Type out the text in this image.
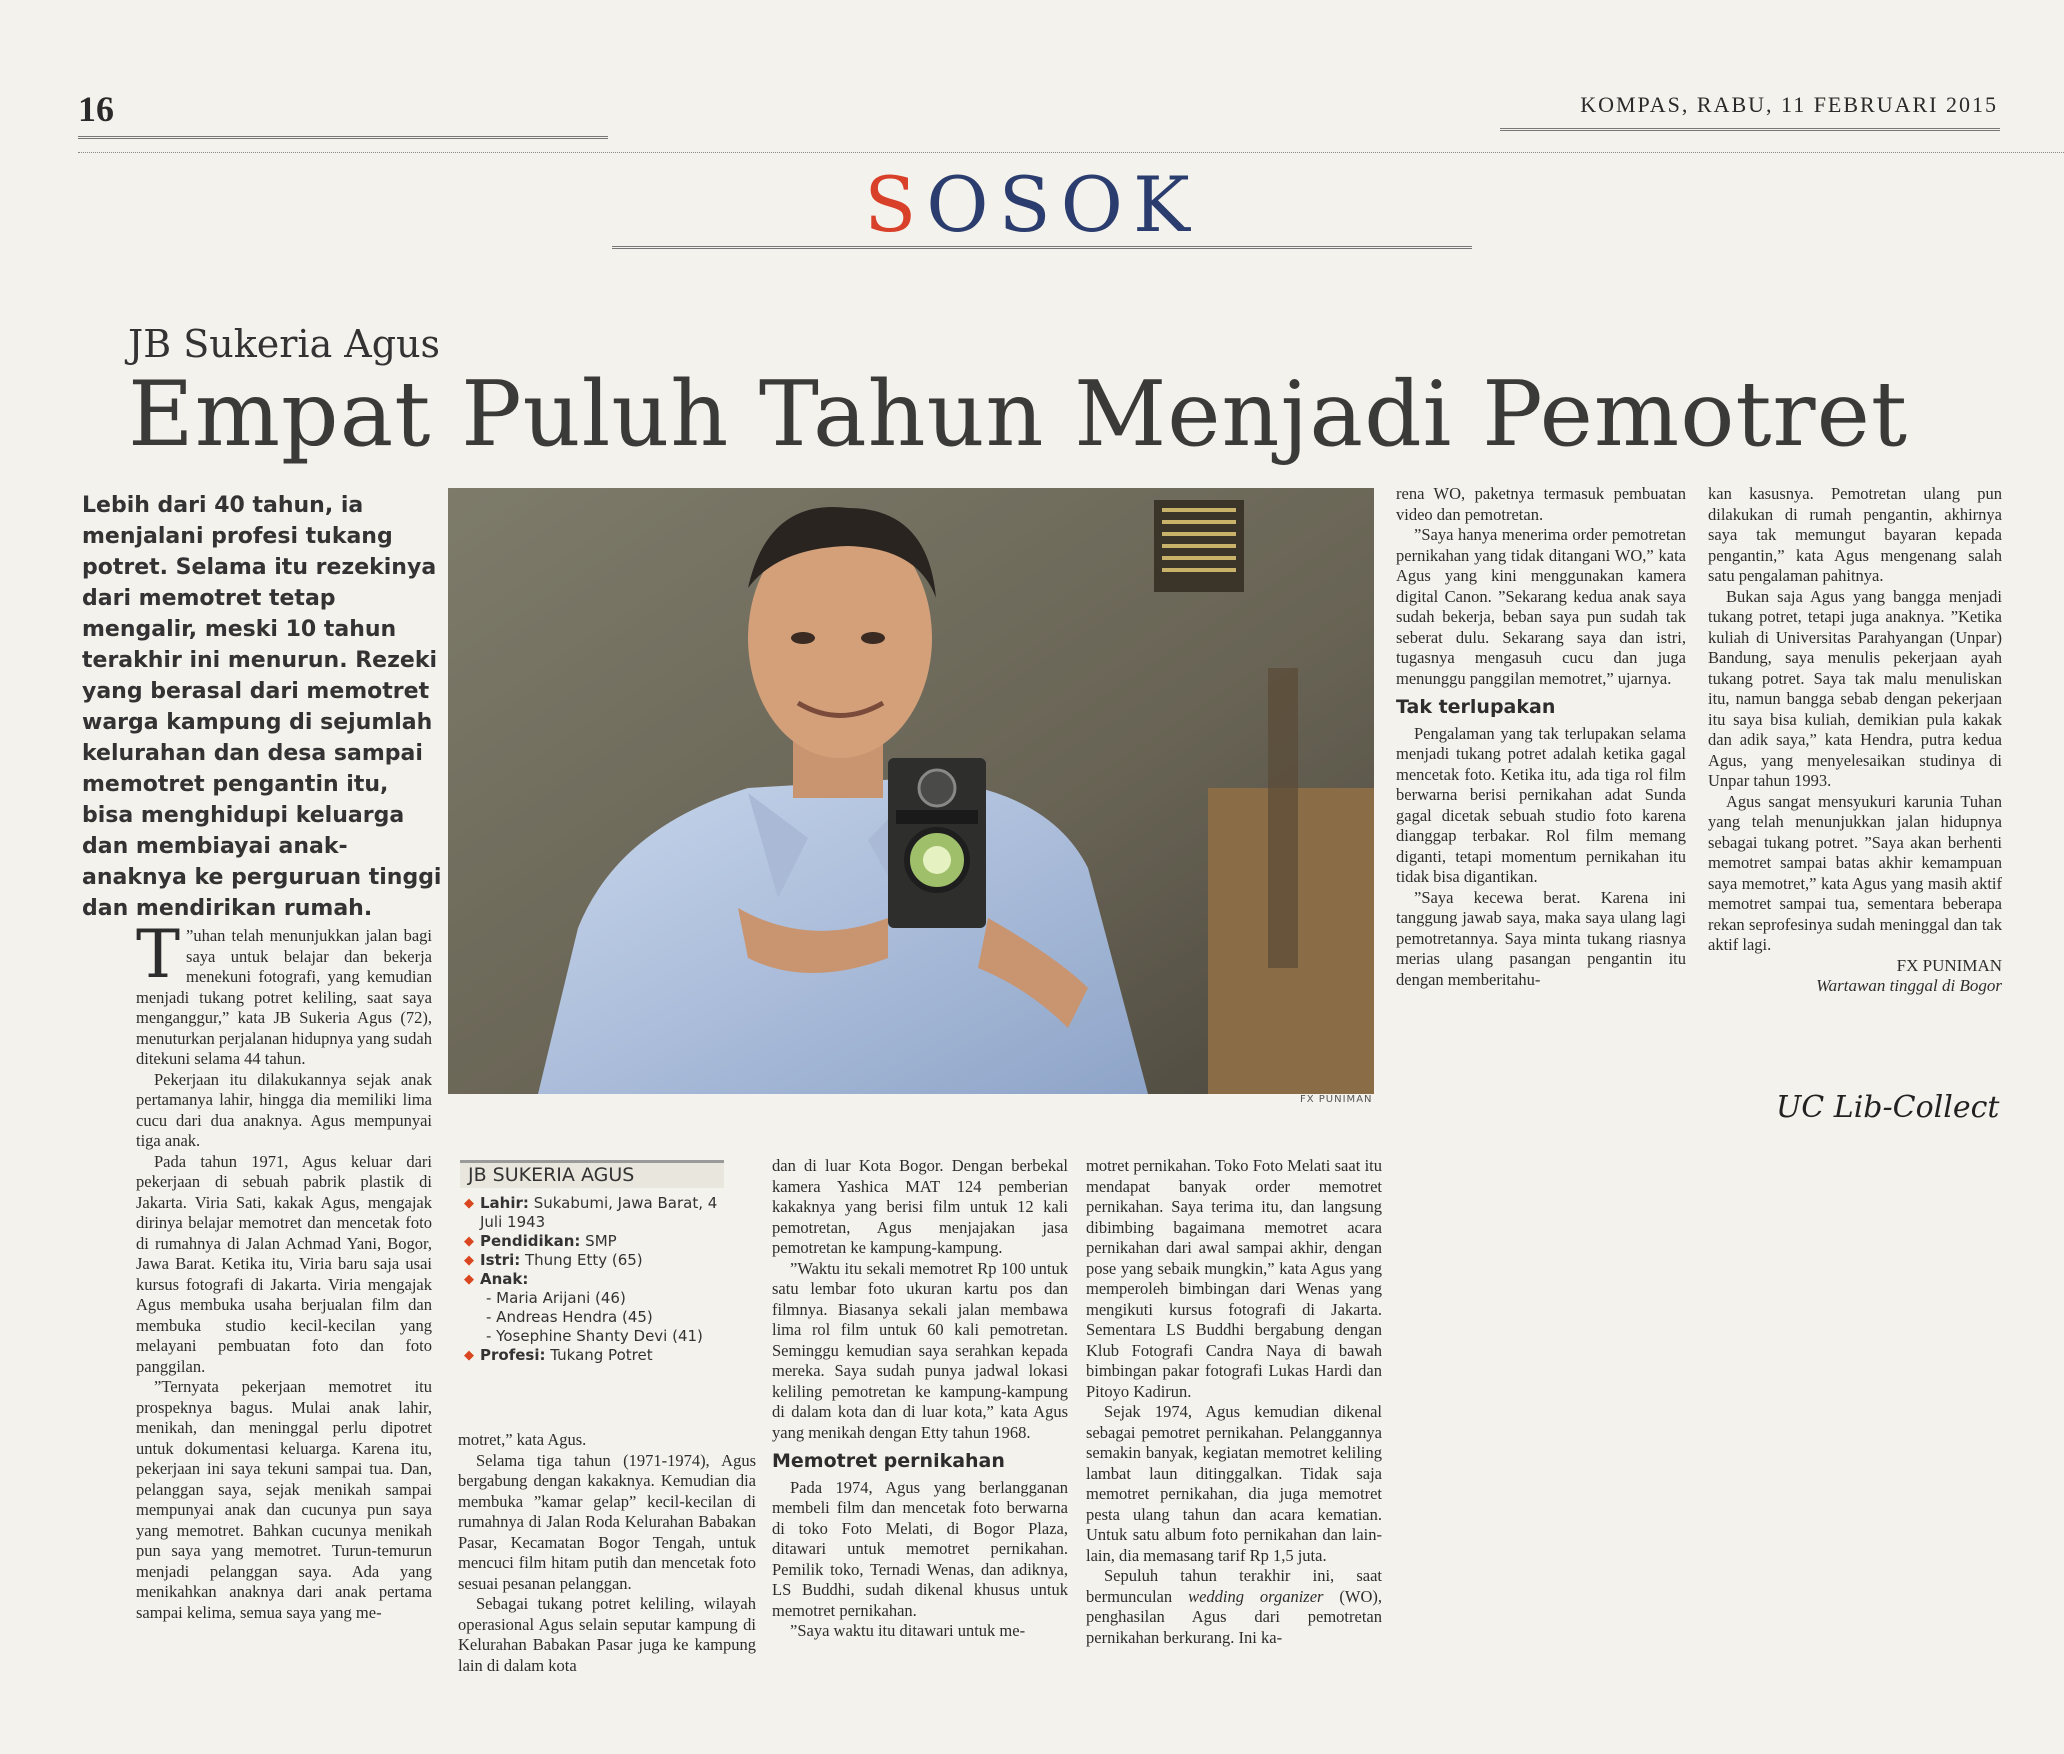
16	KOMPAS, RABU, 11 FEBRUARI 2015
SOSOK
JB Sukeria Agus
Empat Puluh Tahun Menjadi Pemotret
Lebih dari 40 tahun, ia menjalani profesi tukang potret. Selama itu rezekinya dari memotret tetap mengalir, meski 10 tahun terakhir ini menurun. Rezeki yang berasal dari memotret warga kampung di sejumlah kelurahan dan desa sampai memotret pengantin itu, bisa menghidupi keluarga dan membiayai anak-anaknya ke perguruan tinggi dan mendirikan rumah.
FX PUNIMAN

”
T uhan telah menunjukkan jalan bagi saya untuk belajar dan bekerja menekuni fotografi, yang kemudian menjadi tukang potret keliling, saat saya menganggur,” kata JB Sukeria Agus (72), menuturkan perjalanan hidupnya yang sudah ditekuni selama 44 tahun.

Pekerjaan itu dilakukannya sejak anak pertamanya lahir, hingga dia memiliki lima cucu dari dua anaknya. Agus mempunyai tiga anak.

Pada tahun 1971, Agus keluar dari pekerjaan di sebuah pabrik plastik di Jakarta. Viria Sati, kakak Agus, mengajak dirinya belajar memotret dan mencetak foto di rumahnya di Jalan Achmad Yani, Bogor, Jawa Barat. Ketika itu, Viria baru saja usai kursus fotografi di Jakarta. Viria mengajak Agus membuka usaha berjualan film dan membuka studio kecil-kecilan yang melayani pembuatan foto dan foto panggilan.

”Ternyata pekerjaan memotret itu prospeknya bagus. Mulai anak lahir, menikah, dan meninggal perlu dipotret untuk dokumentasi keluarga. Karena itu, pekerjaan ini saya tekuni sampai tua. Dan, pelanggan saya, sejak menikah sampai mempunyai anak dan cucunya pun saya yang memotret. Bahkan cucunya menikah pun saya yang memotret. Turun-temurun menjadi pelanggan saya. Ada yang menikahkan anaknya dari anak pertama sampai kelima, semua saya yang me-

JB SUKERIA AGUS
◆ Lahir: Sukabumi, Jawa Barat, 4 Juli 1943
◆ Pendidikan: SMP
◆ Istri: Thung Etty (65)
◆ Anak:
- Maria Arijani (46)
- Andreas Hendra (45)
- Yosephine Shanty Devi (41)
◆ Profesi: Tukang Potret

motret,” kata Agus.

Selama tiga tahun (1971-1974), Agus bergabung dengan kakaknya. Kemudian dia membuka ”kamar gelap” kecil-kecilan di rumahnya di Jalan Roda Kelurahan Babakan Pasar, Kecamatan Bogor Tengah, untuk mencuci film hitam putih dan mencetak foto sesuai pesanan pelanggan.

Sebagai tukang potret keliling, wilayah operasional Agus selain seputar kampung di Kelurahan Babakan Pasar juga ke kampung lain di dalam kota

dan di luar Kota Bogor. Dengan berbekal kamera Yashica MAT 124 pemberian kakaknya yang berisi film untuk 12 kali pemotretan, Agus menjajakan jasa pemotretan ke kampung-kampung.

”Waktu itu sekali memotret Rp 100 untuk satu lembar foto ukuran kartu pos dan filmnya. Biasanya sekali jalan membawa lima rol film untuk 60 kali pemotretan. Seminggu kemudian saya serahkan kepada mereka. Saya sudah punya jadwal lokasi keliling pemotretan ke kampung-kampung di dalam kota dan di luar kota,” kata Agus yang menikah dengan Etty tahun 1968.

Memotret pernikahan

Pada 1974, Agus yang berlangganan membeli film dan mencetak foto berwarna di toko Foto Melati, di Bogor Plaza, ditawari untuk memotret pernikahan. Pemilik toko, Ternadi Wenas, dan adiknya, LS Buddhi, sudah dikenal khusus untuk memotret pernikahan.

”Saya waktu itu ditawari untuk me-

motret pernikahan. Toko Foto Melati saat itu mendapat banyak order memotret pernikahan. Saya terima itu, dan langsung dibimbing bagaimana memotret acara pernikahan dari awal sampai akhir, dengan pose yang sebaik mungkin,” kata Agus yang memperoleh bimbingan dari Wenas yang mengikuti kursus fotografi di Jakarta. Sementara LS Buddhi bergabung dengan Klub Fotografi Candra Naya di bawah bimbingan pakar fotografi Lukas Hardi dan Pitoyo Kadirun.

Sejak 1974, Agus kemudian dikenal sebagai pemotret pernikahan. Pelanggannya semakin banyak, kegiatan memotret keliling lambat laun ditinggalkan. Tidak saja memotret pernikahan, dia juga memotret pesta ulang tahun dan acara kematian. Untuk satu album foto pernikahan dan lain-lain, dia memasang tarif Rp 1,5 juta.

Sepuluh tahun terakhir ini, saat bermunculan wedding organizer (WO), penghasilan Agus dari pemotretan pernikahan berkurang. Ini ka-

rena WO, paketnya termasuk pembuatan video dan pemotretan.

”Saya hanya menerima order pemotretan pernikahan yang tidak ditangani WO,” kata Agus yang kini menggunakan kamera digital Canon. ”Sekarang kedua anak saya sudah bekerja, beban saya pun sudah tak seberat dulu. Sekarang saya dan istri, tugasnya mengasuh cucu dan juga menunggu panggilan memotret,” ujarnya.

Tak terlupakan

Pengalaman yang tak terlupakan selama menjadi tukang potret adalah ketika gagal mencetak foto. Ketika itu, ada tiga rol film berwarna berisi pernikahan adat Sunda gagal dicetak sebuah studio foto karena dianggap terbakar. Rol film memang diganti, tetapi momentum pernikahan itu tidak bisa digantikan.

”Saya kecewa berat. Karena ini tanggung jawab saya, maka saya ulang lagi pemotretannya. Saya minta tukang riasnya merias ulang pasangan pengantin itu dengan memberitahu-

kan kasusnya. Pemotretan ulang pun dilakukan di rumah pengantin, akhirnya saya tak memungut bayaran kepada pengantin,” kata Agus mengenang salah satu pengalaman pahitnya.

Bukan saja Agus yang bangga menjadi tukang potret, tetapi juga anaknya. ”Ketika kuliah di Universitas Parahyangan (Unpar) Bandung, saya menulis pekerjaan ayah tukang potret. Saya tak malu menuliskan itu, namun bangga sebab dengan pekerjaan itu saya bisa kuliah, demikian pula kakak dan adik saya,” kata Hendra, putra kedua Agus, yang menyelesaikan studinya di Unpar tahun 1993.

Agus sangat mensyukuri karunia Tuhan yang telah menunjukkan jalan hidupnya sebagai tukang potret. ”Saya akan berhenti memotret sampai batas akhir kemampuan saya memotret,” kata Agus yang masih aktif memotret sampai tua, sementara beberapa rekan seprofesinya sudah meninggal dan tak aktif lagi.

FX PUNIMAN
Wartawan tinggal di Bogor
UC Lib-Collect
